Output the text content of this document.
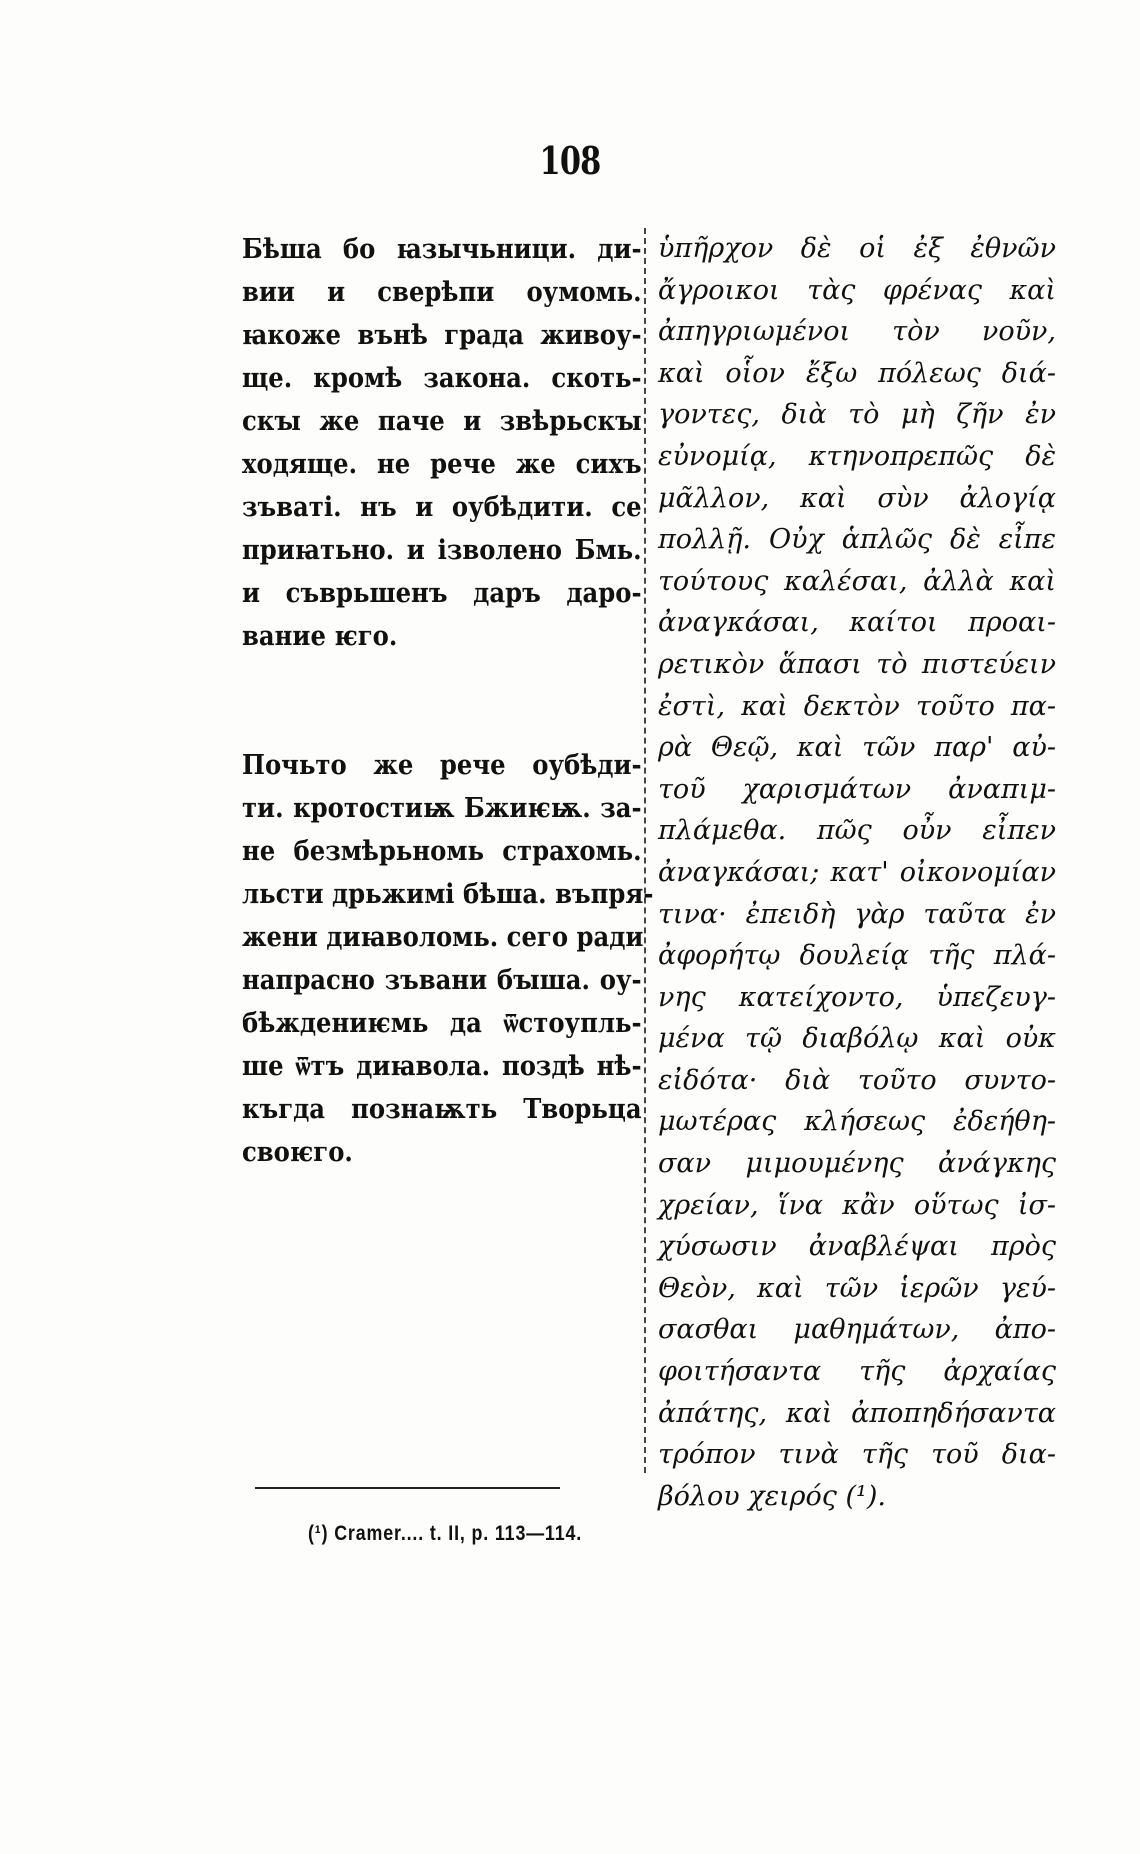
108
Бѣша бо ꙗзычьници. ди-
вии и сверѣпи оумомь.
ꙗкоже вънѣ града живоу-
ще. кромѣ закона. скоть-
скꙑ же паче и звѣрьскꙑ
ходяще. не рече же сихъ
зъваті. нъ и оубѣдити. се
приꙗтьно. и ізволено Бмь.
и съврьшенъ даръ даро-
вание ѥго.
Почьто же рече оубѣди-
ти. кротостиѭ Бжиѥѭ. за-
не безмѣрьномь страхомь.
льсти дрьжимі бѣша. въпря-
жени диꙗволомь. сего ради
напрасно зъвани бꙑша. оу-
бѣждениѥмь да ѿстоупль-
ше ѿтъ диꙗвола. поздѣ нѣ-
къгда познаѭть Творьца
своѥго.
ὑπῆρχον δὲ οἱ ἐξ ἐθνῶν
ἄγροικοι τὰς φρένας καὶ
ἀπηγριωμένοι τὸν νοῦν,
καὶ οἷον ἔξω πόλεως διά-
γοντες, διὰ τὸ μὴ ζῆν ἐν
εὐνομίᾳ, κτηνοπρεπῶς δὲ
μᾶλλον, καὶ σὺν ἀλογίᾳ
πολλῇ. Οὐχ ἁπλῶς δὲ εἶπε
τούτους καλέσαι, ἀλλὰ καὶ
ἀναγκάσαι, καίτοι προαι-
ρετικὸν ἅπασι τὸ πιστεύειν
ἐστὶ, καὶ δεκτὸν τοῦτο πα-
ρὰ Θεῷ, καὶ τῶν παρ' αὐ-
τοῦ χαρισμάτων ἀναπιμ-
πλάμεθα. πῶς οὖν εἶπεν
ἀναγκάσαι; κατ' οἰκονομίαν
τινα· ἐπειδὴ γὰρ ταῦτα ἐν
ἀφορήτῳ δουλείᾳ τῆς πλά-
νης κατείχοντο, ὑπεζευγ-
μένα τῷ διαβόλῳ καὶ οὐκ
εἰδότα· διὰ τοῦτο συντο-
μωτέρας κλήσεως ἐδεήθη-
σαν μιμουμένης ἀνάγκης
χρείαν, ἵνα κἂν οὕτως ἰσ-
χύσωσιν ἀναβλέψαι πρὸς
Θεὸν, καὶ τῶν ἱερῶν γεύ-
σασθαι μαθημάτων, ἀπο-
φοιτήσαντα τῆς ἀρχαίας
ἀπάτης, καὶ ἀποπηδήσαντα
τρόπον τινὰ τῆς τοῦ δια-
βόλου χειρός (¹).
(¹) Cramer.... t. II, p. 113—114.
